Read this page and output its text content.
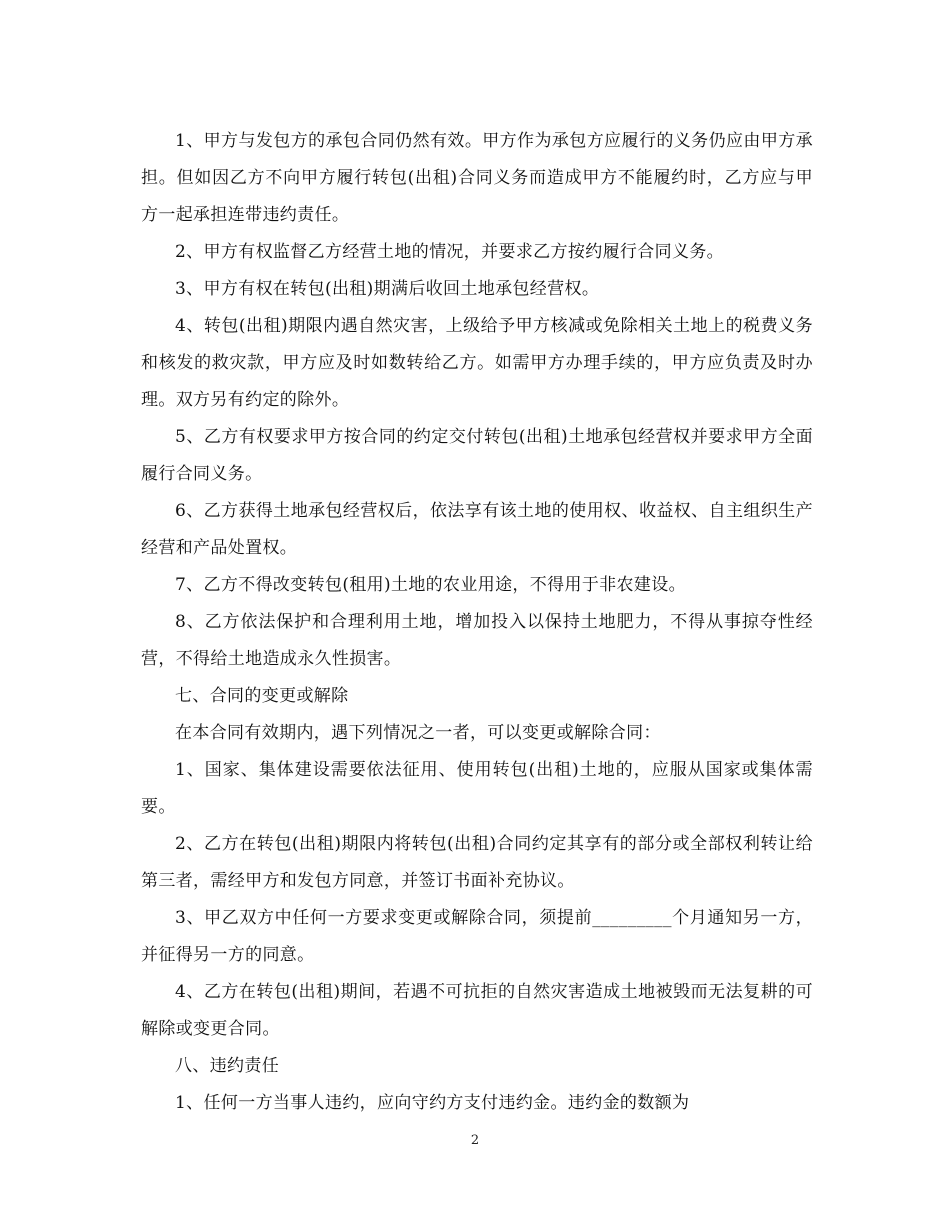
1、甲方与发包方的承包合同仍然有效。甲方作为承包方应履行的义务仍应由甲方承担。但如因乙方不向甲方履行转包(出租)合同义务而造成甲方不能履约时，乙方应与甲方一起承担连带违约责任。

2、甲方有权监督乙方经营土地的情况，并要求乙方按约履行合同义务。

3、甲方有权在转包(出租)期满后收回土地承包经营权。

4、转包(出租)期限内遇自然灾害，上级给予甲方核减或免除相关土地上的税费义务和核发的救灾款，甲方应及时如数转给乙方。如需甲方办理手续的，甲方应负责及时办理。双方另有约定的除外。

5、乙方有权要求甲方按合同的约定交付转包(出租)土地承包经营权并要求甲方全面履行合同义务。

6、乙方获得土地承包经营权后，依法享有该土地的使用权、收益权、自主组织生产经营和产品处置权。

7、乙方不得改变转包(租用)土地的农业用途，不得用于非农建设。

8、乙方依法保护和合理利用土地，增加投入以保持土地肥力，不得从事掠夺性经营，不得给土地造成永久性损害。

七、合同的变更或解除

在本合同有效期内，遇下列情况之一者，可以变更或解除合同：

1、国家、集体建设需要依法征用、使用转包(出租)土地的，应服从国家或集体需要。

2、乙方在转包(出租)期限内将转包(出租)合同约定其享有的部分或全部权利转让给第三者，需经甲方和发包方同意，并签订书面补充协议。

3、甲乙双方中任何一方要求变更或解除合同，须提前_________个月通知另一方，并征得另一方的同意。

4、乙方在转包(出租)期间，若遇不可抗拒的自然灾害造成土地被毁而无法复耕的可解除或变更合同。

八、违约责任

1、任何一方当事人违约，应向守约方支付违约金。违约金的数额为

2
